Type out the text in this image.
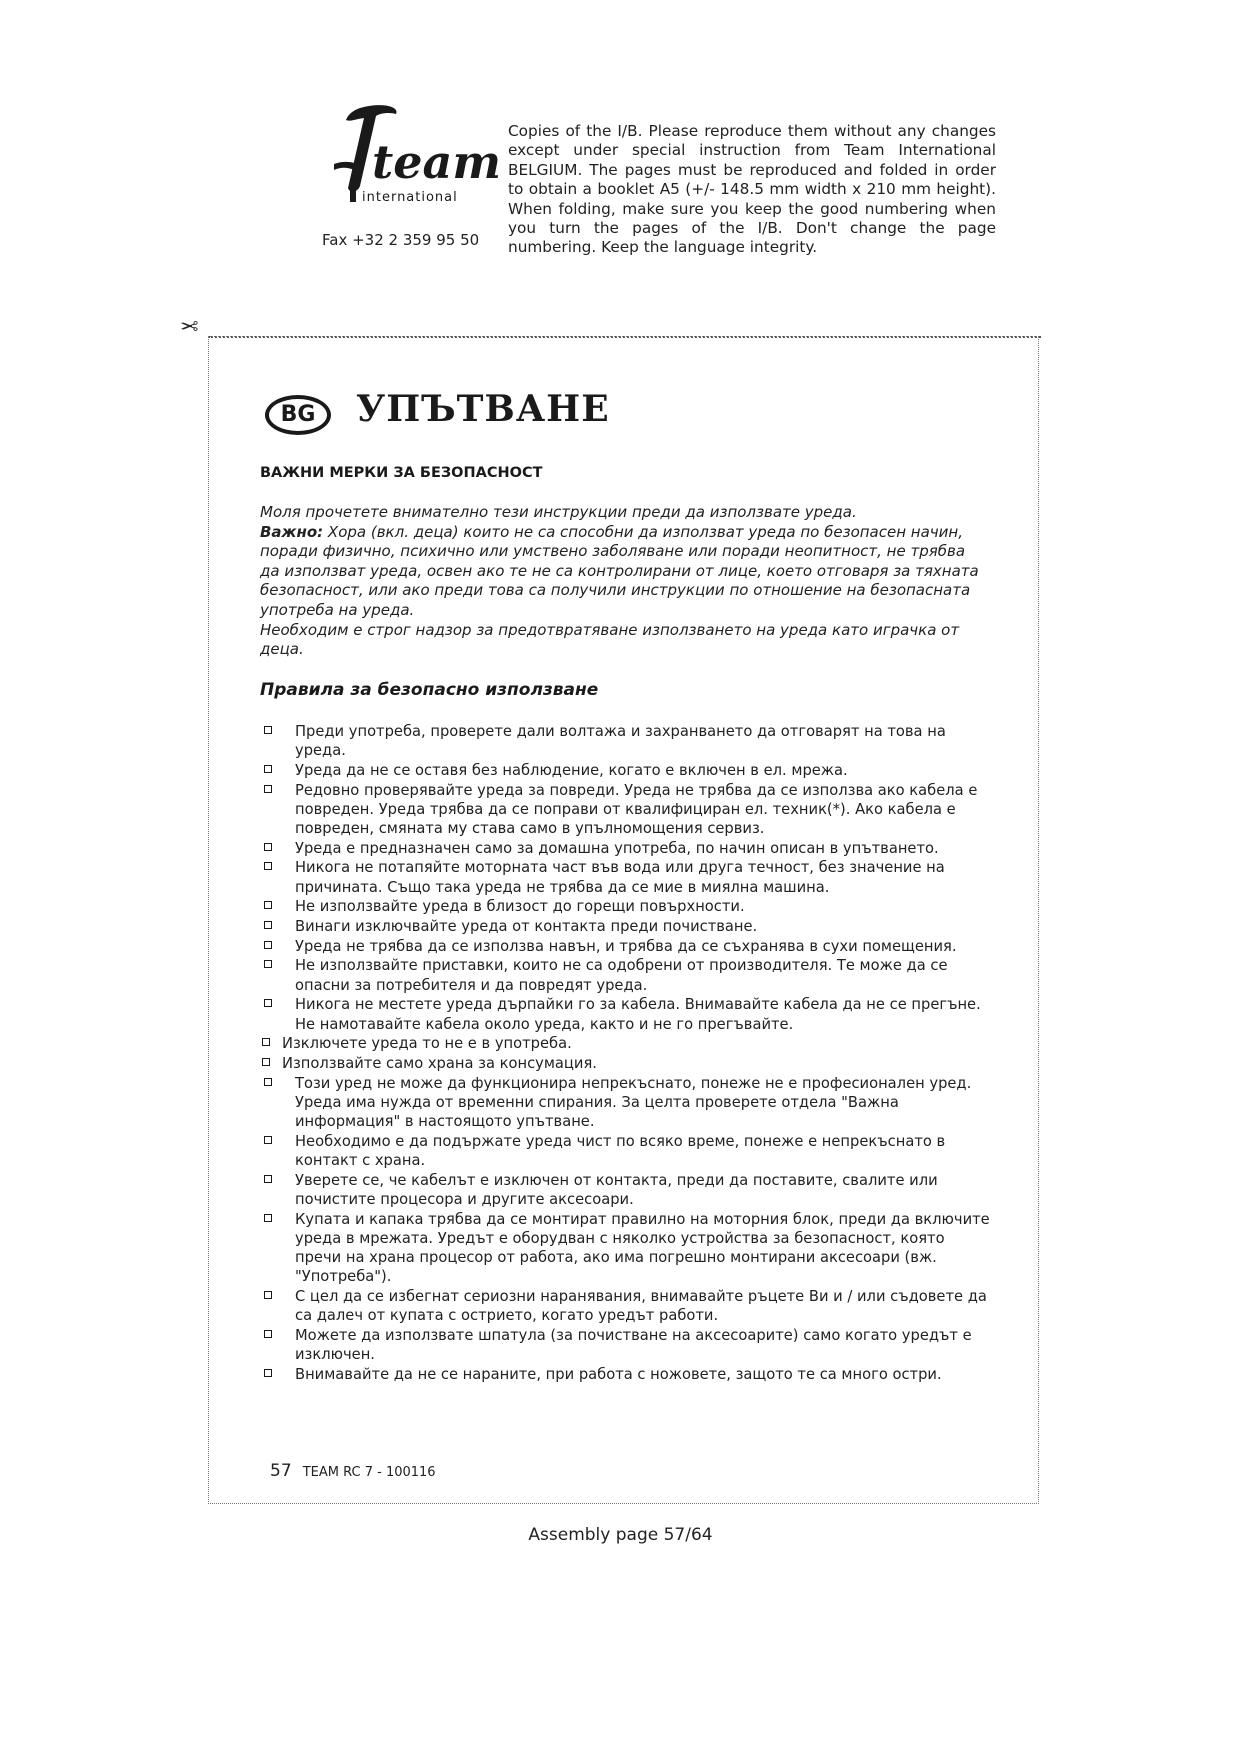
team
international
Fax +32 2 359 95 50
Copies of the I/B. Please reproduce them without any changes except under special instruction from Team International BELGIUM. The pages must be reproduced and folded in order to obtain a booklet A5 (+/- 148.5 mm width x 210 mm height). When folding, make sure you keep the good numbering when you turn the pages of the I/B. Don't change the page numbering. Keep the language integrity.
✂
BG	УПЪТВАНЕ
ВАЖНИ МЕРКИ ЗА БЕЗОПАСНОСТ
Моля прочетете внимателно тези инструкции преди да използвате уреда.
Важно: Хора (вкл. деца) които не са способни да използват уреда по безопасен начин, поради физично, психично или умствено заболяване или поради неопитност, не трябва да използват уреда, освен ако те не са контролирани от лице, което отговаря за тяхната безопасност, или ако преди това са получили инструкции по отношение на безопасната употреба на уреда.
Необходим е строг надзор за предотвратяване използването на уреда като играчка от деца.
Правила за безопасно използване
Преди употреба, проверете дали волтажа и захранването да отговарят на това на уреда.
Уреда да не се оставя без наблюдение, когато е включен в ел. мрежа.
Редовно проверявайте уреда за повреди. Уреда не трябва да се използва ако кабела е повреден. Уреда трябва да се поправи от квалифициран ел. техник(*). Ако кабела е повреден, смяната му става само в упълномощения сервиз.
Уреда е предназначен само за домашна употреба, по начин описан в упътването.
Никога не потапяйте моторната част във вода или друга течност, без значение на причината. Също така уреда не трябва да се мие в миялна машина.
Не използвайте уреда в близост до горещи повърхности.
Винаги изключвайте уреда от контакта преди почистване.
Уреда не трябва да се използва навън, и трябва да се съхранява в сухи помещения.
Не използвайте приставки, които не са одобрени от производителя. Те може да се опасни за потребителя и да повредят уреда.
Никога не местете уреда дърпайки го за кабела. Внимавайте кабела да не се прегъне. Не намотавайте кабела около уреда, както и не го прегъвайте.
Изключете уреда то не е в употреба.
Използвайте само храна за консумация.
Този уред не може да функционира непрекъснато, понеже не е професионален уред. Уреда има нужда от временни спирания. За целта проверете отдела "Важна информация" в настоящото упътване.
Необходимо е да подържате уреда чист по всяко време, понеже е непрекъснато в контакт с храна.
Уверете се, че кабелът е изключен от контакта, преди да поставите, свалите или почистите процесора и другите аксесоари.
Купата и капака трябва да се монтират правилно на моторния блок, преди да включите уреда в мрежата. Уредът е оборудван с няколко устройства за безопасност, която пречи на храна процесор от работа, ако има погрешно монтирани аксесоари (вж. "Употреба").
С цел да се избегнат сериозни наранявания, внимавайте ръцете Ви и / или съдовете да са далеч от купата с острието, когато уредът работи.
Можете да използвате шпатула (за почистване на аксесоарите) само когато уредът е изключен.
Внимавайте да не се нараните, при работа с ножовете, защото те са много остри.
57 TEAM RC 7 - 100116
Assembly page 57/64
